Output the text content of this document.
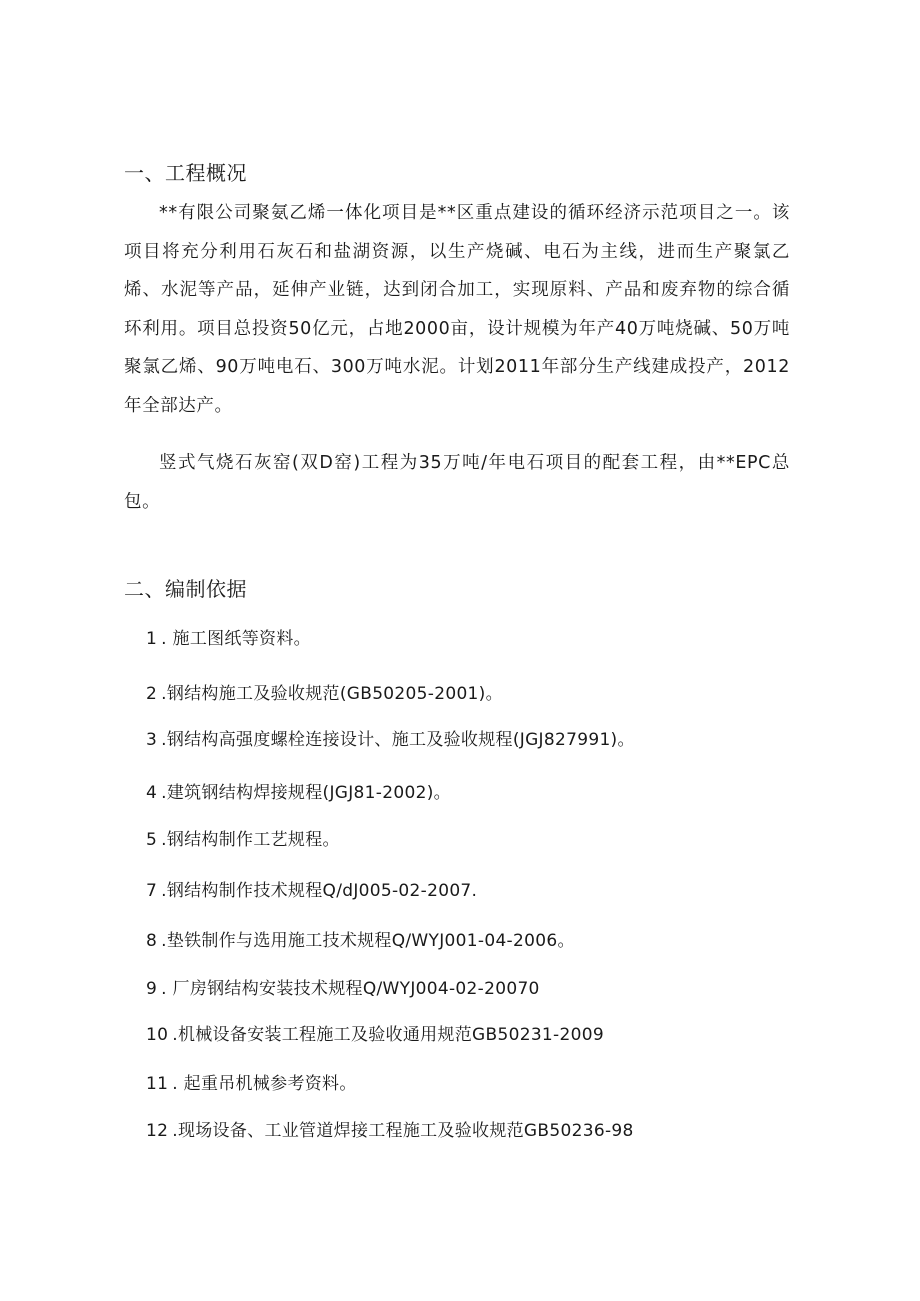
一、工程概况

**有限公司聚氨乙烯一体化项目是**区重点建设的循环经济示范项目之一。该项目将充分利用石灰石和盐湖资源，以生产烧碱、电石为主线，进而生产聚氯乙烯、水泥等产品，延伸产业链，达到闭合加工，实现原料、产品和废弃物的综合循环利用。项目总投资50亿元，占地2000亩，设计规模为年产40万吨烧碱、50万吨聚氯乙烯、90万吨电石、300万吨水泥。计划2011年部分生产线建成投产，2012年全部达产。

竖式气烧石灰窑(双D窑)工程为35万吨/年电石项目的配套工程，由**EPC总包。

二、编制依据
1 . 施工图纸等资料。
2 .钢结构施工及验收规范(GB50205-2001)。
3 .钢结构高强度螺栓连接设计、施工及验收规程(JGJ827991)。
4 .建筑钢结构焊接规程(JGJ81-2002)。
5 .钢结构制作工艺规程。
7 .钢结构制作技术规程Q/dJ005-02-2007.
8 .垫铁制作与选用施工技术规程Q/WYJ001-04-2006。
9 . 厂房钢结构安装技术规程Q/WYJ004-02-20070
10 .机械设备安装工程施工及验收通用规范GB50231-2009
11 . 起重吊机械参考资料。
12 .现场设备、工业管道焊接工程施工及验收规范GB50236-98
